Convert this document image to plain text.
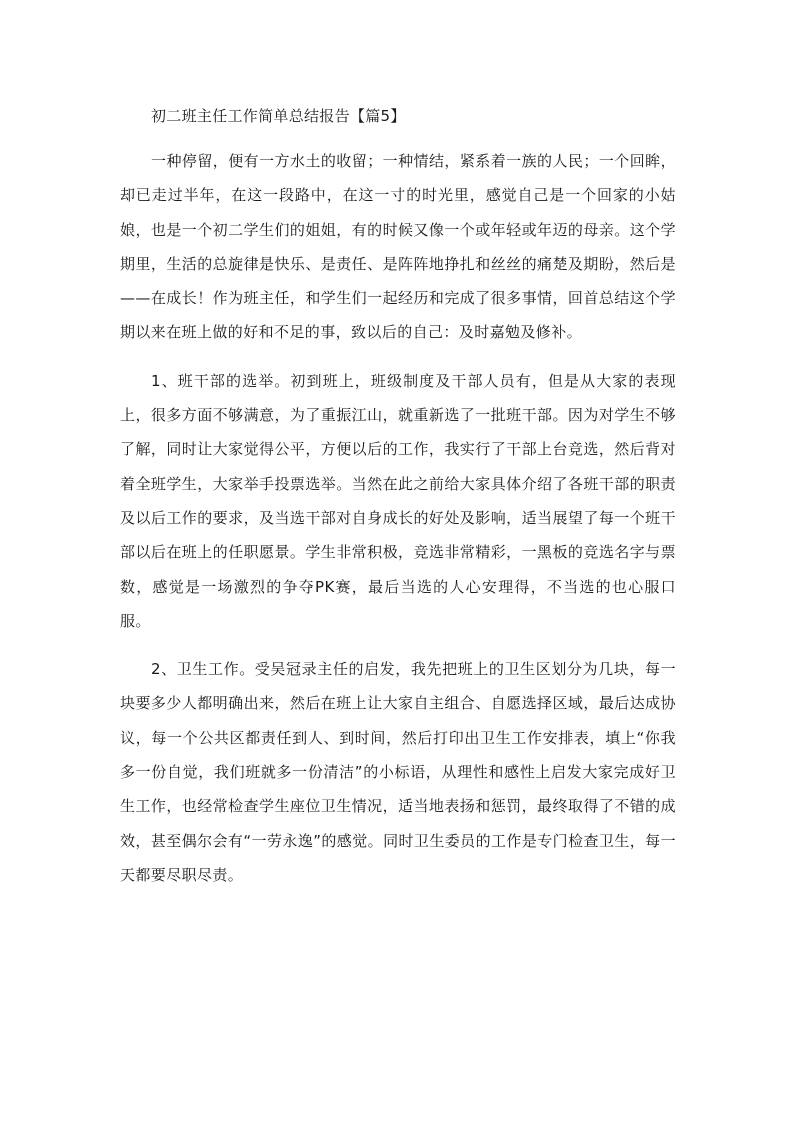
初二班主任工作简单总结报告【篇5】

一种停留，便有一方水土的收留；一种情结，紧系着一族的人民；一个回眸，却已走过半年，在这一段路中，在这一寸的时光里，感觉自己是一个回家的小姑娘，也是一个初二学生们的姐姐，有的时候又像一个或年轻或年迈的母亲。这个学期里，生活的总旋律是快乐、是责任、是阵阵地挣扎和丝丝的痛楚及期盼，然后是——在成长！作为班主任，和学生们一起经历和完成了很多事情，回首总结这个学期以来在班上做的好和不足的事，致以后的自己：及时嘉勉及修补。

1、班干部的选举。初到班上，班级制度及干部人员有，但是从大家的表现上，很多方面不够满意，为了重振江山，就重新选了一批班干部。因为对学生不够了解，同时让大家觉得公平，方便以后的工作，我实行了干部上台竞选，然后背对着全班学生，大家举手投票选举。当然在此之前给大家具体介绍了各班干部的职责及以后工作的要求，及当选干部对自身成长的好处及影响，适当展望了每一个班干部以后在班上的任职愿景。学生非常积极，竞选非常精彩，一黑板的竞选名字与票数，感觉是一场激烈的争夺PK赛，最后当选的人心安理得，不当选的也心服口服。

2、卫生工作。受吴冠录主任的启发，我先把班上的卫生区划分为几块，每一块要多少人都明确出来，然后在班上让大家自主组合、自愿选择区域，最后达成协议，每一个公共区都责任到人、到时间，然后打印出卫生工作安排表，填上“你我多一份自觉，我们班就多一份清洁”的小标语，从理性和感性上启发大家完成好卫生工作，也经常检查学生座位卫生情况，适当地表扬和惩罚，最终取得了不错的成效，甚至偶尔会有“一劳永逸”的感觉。同时卫生委员的工作是专门检查卫生，每一天都要尽职尽责。
